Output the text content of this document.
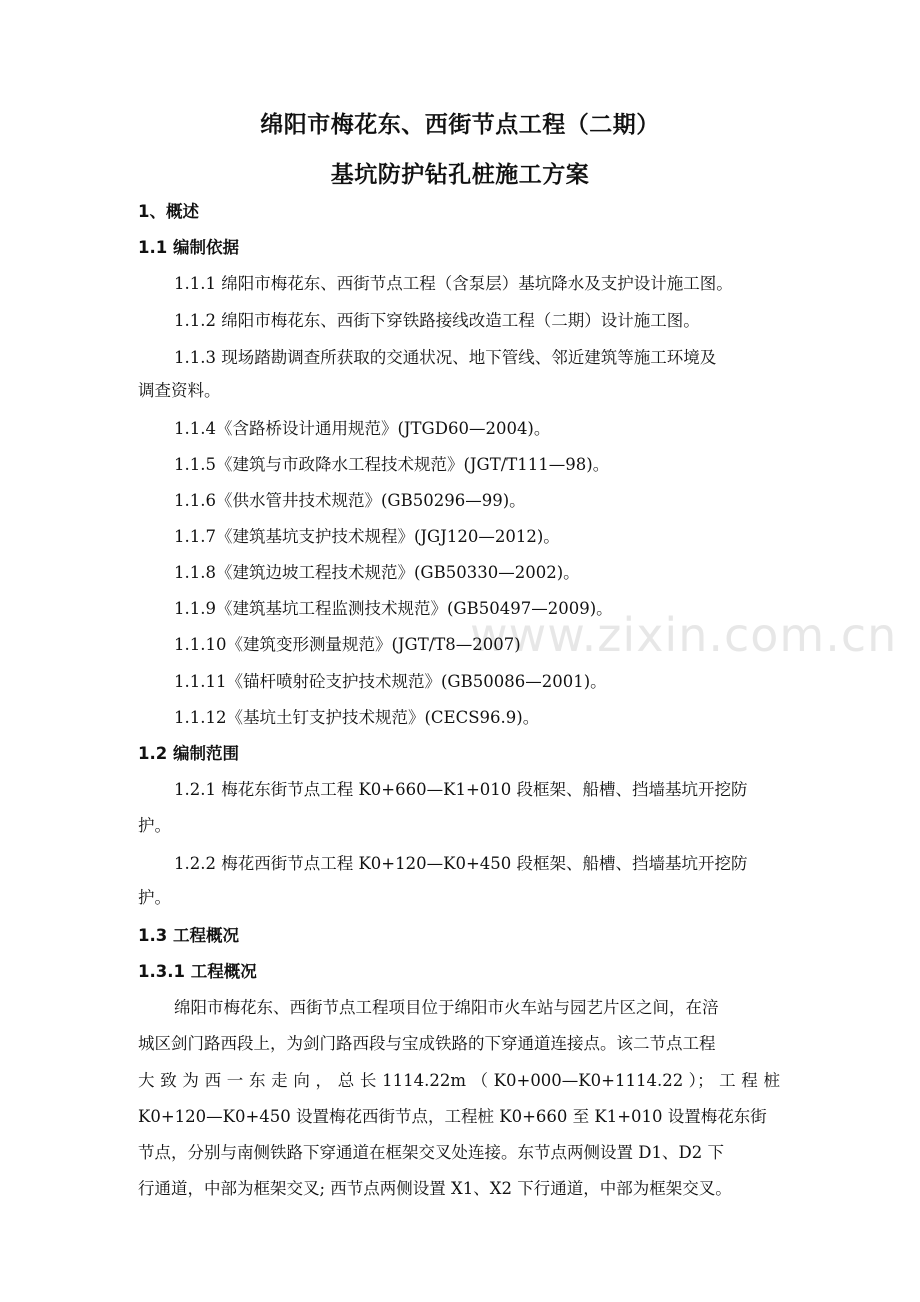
绵阳市梅花东、西街节点工程（二期）
基坑防护钻孔桩施工方案
www.zixin.com.cn
1、概述
1.1 编制依据
1.1.1 绵阳市梅花东、西街节点工程（含泵层）基坑降水及支护设计施工图。
1.1.2 绵阳市梅花东、西街下穿铁路接线改造工程（二期）设计施工图。
1.1.3 现场踏勘调查所获取的交通状况、地下管线、邻近建筑等施工环境及
调查资料。
1.1.4《含路桥设计通用规范》(JTGD60—2004)。
1.1.5《建筑与市政降水工程技术规范》(JGT/T111—98)。
1.1.6《供水管井技术规范》(GB50296—99)。
1.1.7《建筑基坑支护技术规程》(JGJ120—2012)。
1.1.8《建筑边坡工程技术规范》(GB50330—2002)。
1.1.9《建筑基坑工程监测技术规范》(GB50497—2009)。
1.1.10《建筑变形测量规范》(JGT/T8—2007)
1.1.11《锚杆喷射砼支护技术规范》(GB50086—2001)。
1.1.12《基坑土钉支护技术规范》(CECS96.9)。
1.2 编制范围
1.2.1 梅花东街节点工程 K0+660—K1+010 段框架、船槽、挡墙基坑开挖防
护。
1.2.2 梅花西街节点工程 K0+120—K0+450 段框架、船槽、挡墙基坑开挖防
护。
1.3 工程概况
1.3.1 工程概况
绵阳市梅花东、西街节点工程项目位于绵阳市火车站与园艺片区之间，在涪
城区剑门路西段上，为剑门路西段与宝成铁路的下穿通道连接点。该二节点工程
大 致 为 西 一 东 走 向 ， 总 长 1114.22m （ K0+000—K0+1114.22 ）； 工 程 桩
K0+120—K0+450 设置梅花西街节点，工程桩 K0+660 至 K1+010 设置梅花东街
节点，分别与南侧铁路下穿通道在框架交叉处连接。东节点两侧设置 D1、D2 下
行通道，中部为框架交叉; 西节点两侧设置 X1、X2 下行通道，中部为框架交叉。
